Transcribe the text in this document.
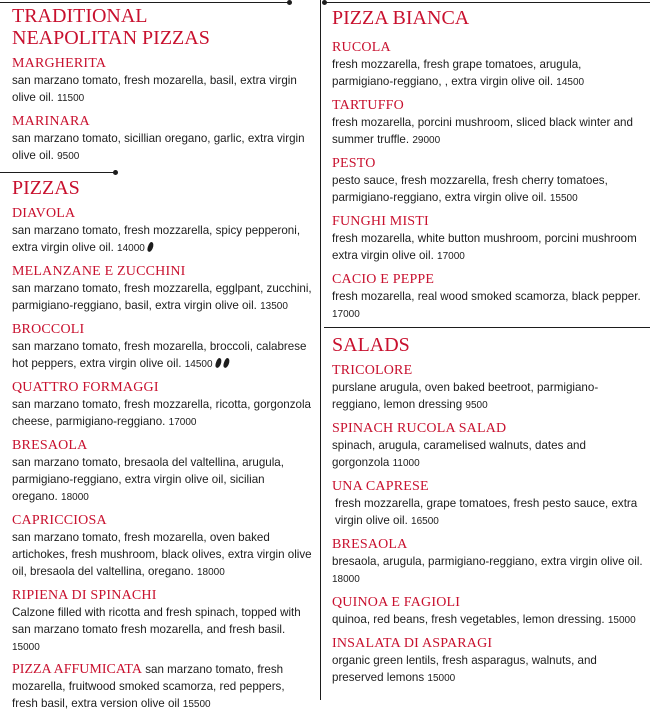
TRADITIONAL
NEAPOLITAN PIZZAS
MARGHERITA
san marzano tomato, fresh mozarella, basil, extra virgin olive oil. 11500
MARINARA
san marzano tomato, sicillian oregano, garlic, extra virgin olive oil. 9500
PIZZAS
DIAVOLA
san marzano tomato, fresh mozzarella, spicy pepperoni, extra virgin olive oil. 14000
MELANZANE E ZUCCHINI
san marzano tomato, fresh mozzarella, egglpant, zucchini, parmigiano-reggiano, basil, extra virgin olive oil. 13500
BROCCOLI
san marzano tomato, fresh mozarella, broccoli, calabrese hot peppers, extra virgin olive oil. 14500
QUATTRO FORMAGGI
san marzano tomato, fresh mozzarella, ricotta, gorgonzola cheese, parmigiano-reggiano. 17000
BRESAOLA
san marzano tomato, bresaola del valtellina, arugula, parmigiano-reggiano, extra virgin olive oil, sicilian oregano. 18000
CAPRICCIOSA
san marzano tomato, fresh mozarella, oven baked artichokes, fresh mushroom, black olives, extra virgin olive oil, bresaola del valtellina, oregano. 18000
RIPIENA DI SPINACHI
Calzone filled with ricotta and fresh spinach, topped with san marzano tomato fresh mozarella, and fresh basil. 15000
PIZZA AFFUMICATA san marzano tomato, fresh mozarella, fruitwood smoked scamorza, red peppers, fresh basil, extra version olive oil 15500
PIZZA BIANCA
RUCOLA
fresh mozzarella, fresh grape tomatoes, arugula, parmigiano-reggiano, , extra virgin olive oil. 14500
TARTUFFO
fresh mozarella, porcini mushroom, sliced black winter and summer truffle. 29000
PESTO
pesto sauce, fresh mozzarella, fresh cherry tomatoes, parmigiano-reggiano, extra virgin olive oil. 15500
FUNGHI MISTI
fresh mozarella, white button mushroom, porcini mushroom extra virgin olive oil. 17000
CACIO E PEPPE
fresh mozarella, real wood smoked scamorza, black pepper. 17000
SALADS
TRICOLORE
purslane arugula, oven baked beetroot, parmigiano-reggiano, lemon dressing 9500
SPINACH RUCOLA SALAD
spinach, arugula, caramelised walnuts, dates and gorgonzola 11000
UNA CAPRESE
fresh mozzarella, grape tomatoes, fresh pesto sauce, extra virgin olive oil. 16500
BRESAOLA
bresaola, arugula, parmigiano-reggiano, extra virgin olive oil. 18000
QUINOA E FAGIOLI
quinoa, red beans, fresh vegetables, lemon dressing. 15000
INSALATA DI ASPARAGI
organic green lentils, fresh asparagus, walnuts, and preserved lemons 15000
